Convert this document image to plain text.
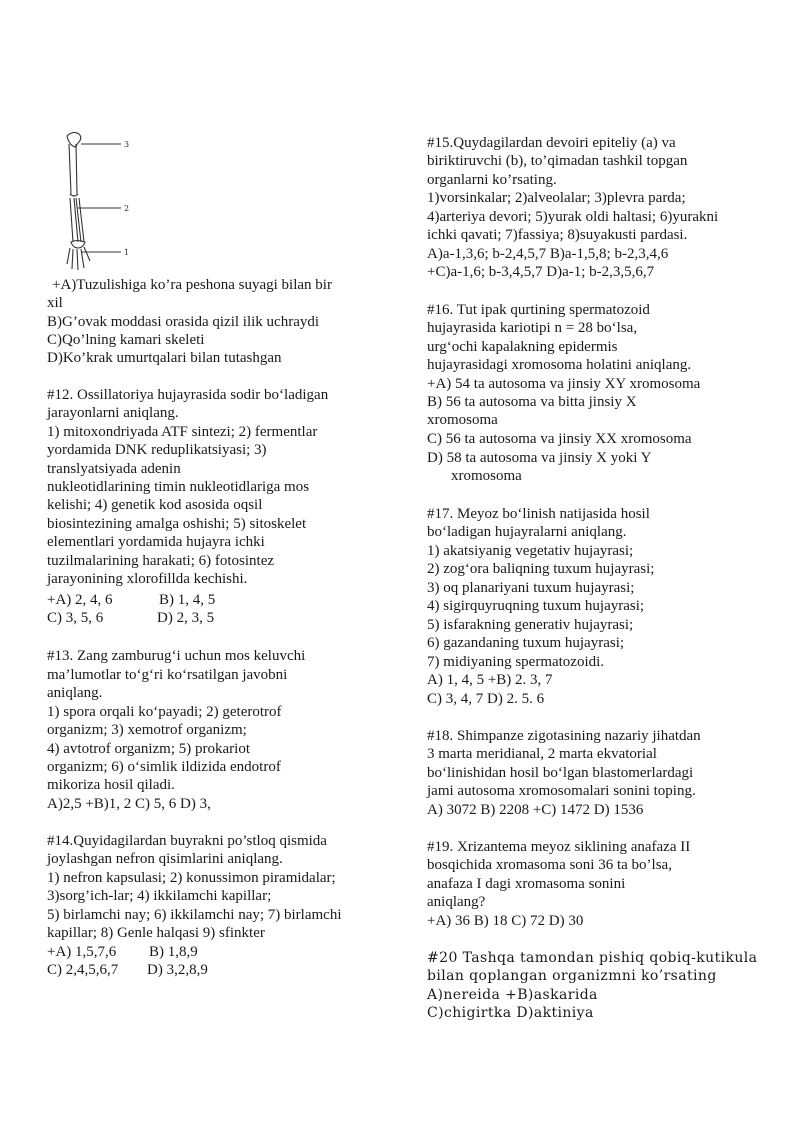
3
2
1
+A)Tuzulishiga ko’ra peshona suyagi bilan bir
xil
B)G’ovak moddasi orasida qizil ilik uchraydi
C)Qo’lning kamari skeleti
D)Ko’krak umurtqalari bilan tutashgan
#12. Ossillatoriya hujayrasida sodir bo‘ladigan
jarayonlarni aniqlang.
1) mitoxondriyada ATF sintezi; 2) fermentlar
yordamida DNK reduplikatsiyasi; 3)
translyatsiyada adenin
nukleotidlarining timin nukleotidlariga mos
kelishi; 4) genetik kod asosida oqsil
biosintezining amalga oshishi; 5) sitoskelet
elementlari yordamida hujayra ichki
tuzilmalarining harakati; 6) fotosintez
jarayonining xlorofillda kechishi.
+A) 2, 4, 6	B) 1, 4, 5
C) 3, 5, 6	D) 2, 3, 5
#13. Zang zamburug‘i uchun mos keluvchi
ma’lumotlar to‘g‘ri ko‘rsatilgan javobni
aniqlang.
1) spora orqali ko‘payadi; 2) geterotrof
organizm; 3) xemotrof organizm;
4) avtotrof organizm; 5) prokariot
organizm; 6) o‘simlik ildizida endotrof
mikoriza hosil qiladi.
A)2,5 +B)1, 2 C) 5, 6 D) 3,
#14.Quyidagilardan buyrakni po’stloq qismida
joylashgan nefron qisimlarini aniqlang.
1) nefron kapsulasi; 2) konussimon piramidalar;
3)sorg’ich-lar; 4) ikkilamchi kapillar;
5) birlamchi nay; 6) ikkilamchi nay; 7) birlamchi
kapillar; 8) Genle halqasi 9) sfinkter
+A) 1,5,7,6 B) 1,8,9
C) 2,4,5,6,7 D) 3,2,8,9
#15.Quydagilardan devoiri epiteliy (a) va
biriktiruvchi (b), to’qimadan tashkil topgan
organlarni ko’rsating.
1)vorsinkalar; 2)alveolalar; 3)plevra parda;
4)arteriya devori; 5)yurak oldi haltasi; 6)yurakni
ichki qavati; 7)fassiya; 8)suyakusti pardasi.
A)a-1,3,6; b-2,4,5,7 B)a-1,5,8; b-2,3,4,6
+C)a-1,6; b-3,4,5,7 D)a-1; b-2,3,5,6,7
#16. Tut ipak qurtining spermatozoid
hujayrasida kariotipi n = 28 bo‘lsa,
urg‘ochi kapalakning epidermis
hujayrasidagi xromosoma holatini aniqlang.
+A) 54 ta autosoma va jinsiy XY xromosoma
B) 56 ta autosoma va bitta jinsiy X
xromosoma
C) 56 ta autosoma va jinsiy XX xromosoma
D) 58 ta autosoma va jinsiy X yoki Y
xromosoma
#17. Meyoz bo‘linish natijasida hosil
bo‘ladigan hujayralarni aniqlang.
1) akatsiyanig vegetativ hujayrasi;
2) zog‘ora baliqning tuxum hujayrasi;
3) oq planariyani tuxum hujayrasi;
4) sigirquyruqning tuxum hujayrasi;
5) isfarakning generativ hujayrasi;
6) gazandaning tuxum hujayrasi;
7) midiyaning spermatozoidi.
A) 1, 4, 5 +B) 2. 3, 7
C) 3, 4, 7 D) 2. 5. 6
#18. Shimpanze zigotasining nazariy jihatdan
3 marta meridianal, 2 marta ekvatorial
bo‘linishidan hosil bo‘lgan blastomerlardagi
jami autosoma xromosomalari sonini toping.
A) 3072 B) 2208 +C) 1472 D) 1536
#19. Xrizantema meyoz siklining anafaza II
bosqichida xromasoma soni 36 ta bo’lsa,
anafaza I dagi xromasoma sonini
aniqlang?
+A) 36 B) 18 C) 72 D) 30
#20 Tashqa tamondan pishiq qobiq-kutikula
bilan qoplangan organizmni ko’rsating
A)nereida +B)askarida
C)chigirtka D)aktiniya
